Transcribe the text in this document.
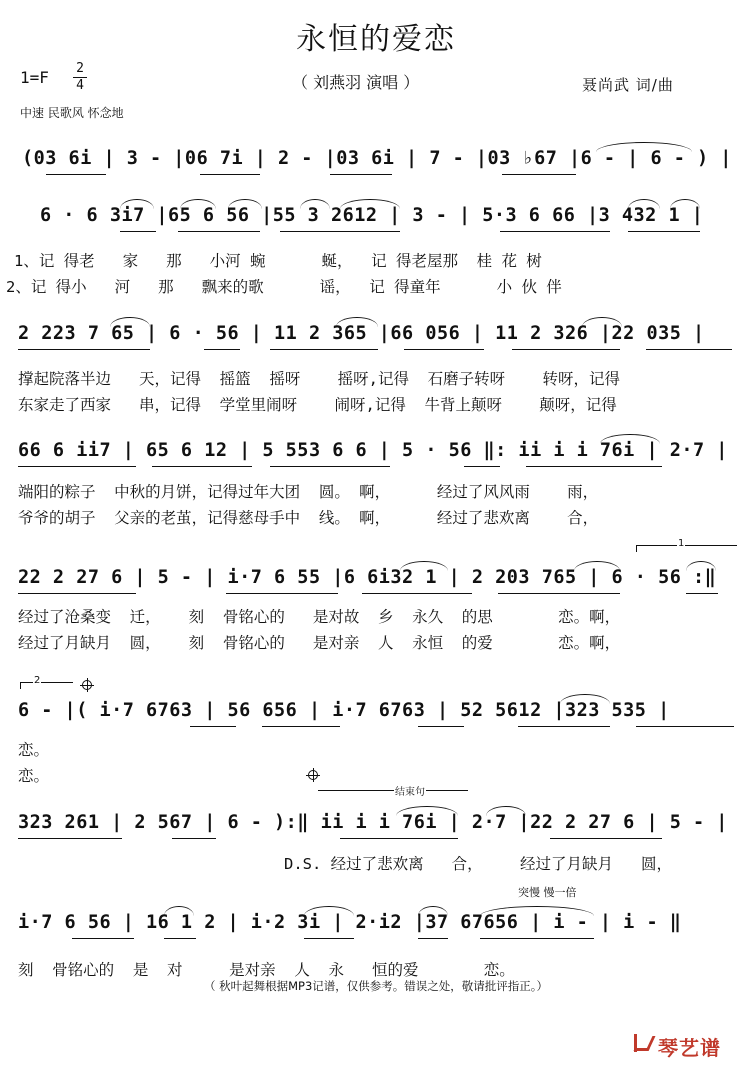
永恒的爱恋
1=F 2
4	（ 刘燕羽 演唱 ）	聂尚武 词/曲
中速 民歌风 怀念地
(03 6i | 3 - |06 7i | 2 - |03 6i | 7 - |03 ♭67 |6 - | 6 - ) |
6 · 6 3i7 |65 6 56 |55 3 2612 | 3 - | 5·3 6 66 |3 432 1 |
1、记 得老   家   那   小河 蜿      蜒，  记 得老屋那  桂 花 树
2、记 得小   河   那   飘来的歌      谣，  记 得童年      小 伙 伴
2 223 7 65 | 6 · 56 | 11 2 365 |66 056 | 11 2 326 |22 035 |
撑起院落半边   天，记得  摇篮  摇呀    摇呀,记得  石磨子转呀    转呀，记得
东家走了西家   串，记得  学堂里闹呀    闹呀,记得  牛背上颠呀    颠呀，记得
66 6 ii7 | 65 6 12 | 5 553 6 6 | 5 · 56 ‖: ii i i 76i | 2·7 |
端阳的粽子  中秋的月饼，记得过年大团  圆。 啊，     经过了风风雨    雨，
爷爷的胡子  父亲的老茧，记得慈母手中  线。 啊，     经过了悲欢离    合，
1
22 2 27 6 | 5 - | i·7 6 55 |6 6i32 1 | 2 203 765 | 6 · 56 :‖
经过了沧桑变  迁，   刻  骨铭心的   是对故  乡  永久  的思       恋。啊，
经过了月缺月  圆，   刻  骨铭心的   是对亲  人  永恒  的爱       恋。啊，
2
6 - |( i·7 6763 | 56 656 | i·7 6763 | 52 5612 |323 535 |
恋。
恋。
结束句
323 261 | 2 567 | 6 - ):‖ ii i i 76i | 2·7 |22 2 27 6 | 5 - |
D.S. 经过了悲欢离   合，    经过了月缺月   圆，
突慢 慢一倍
i·7 6 56 | 16 1 2 | i·2 3i | 2·i2 |37 67656 | i - | i - ‖
刻  骨铭心的  是  对     是对亲  人  永   恒的爱       恋。
（ 秋叶起舞根据MP3记谱，仅供参考。错误之处，敬请批评指正。）
琴艺谱
